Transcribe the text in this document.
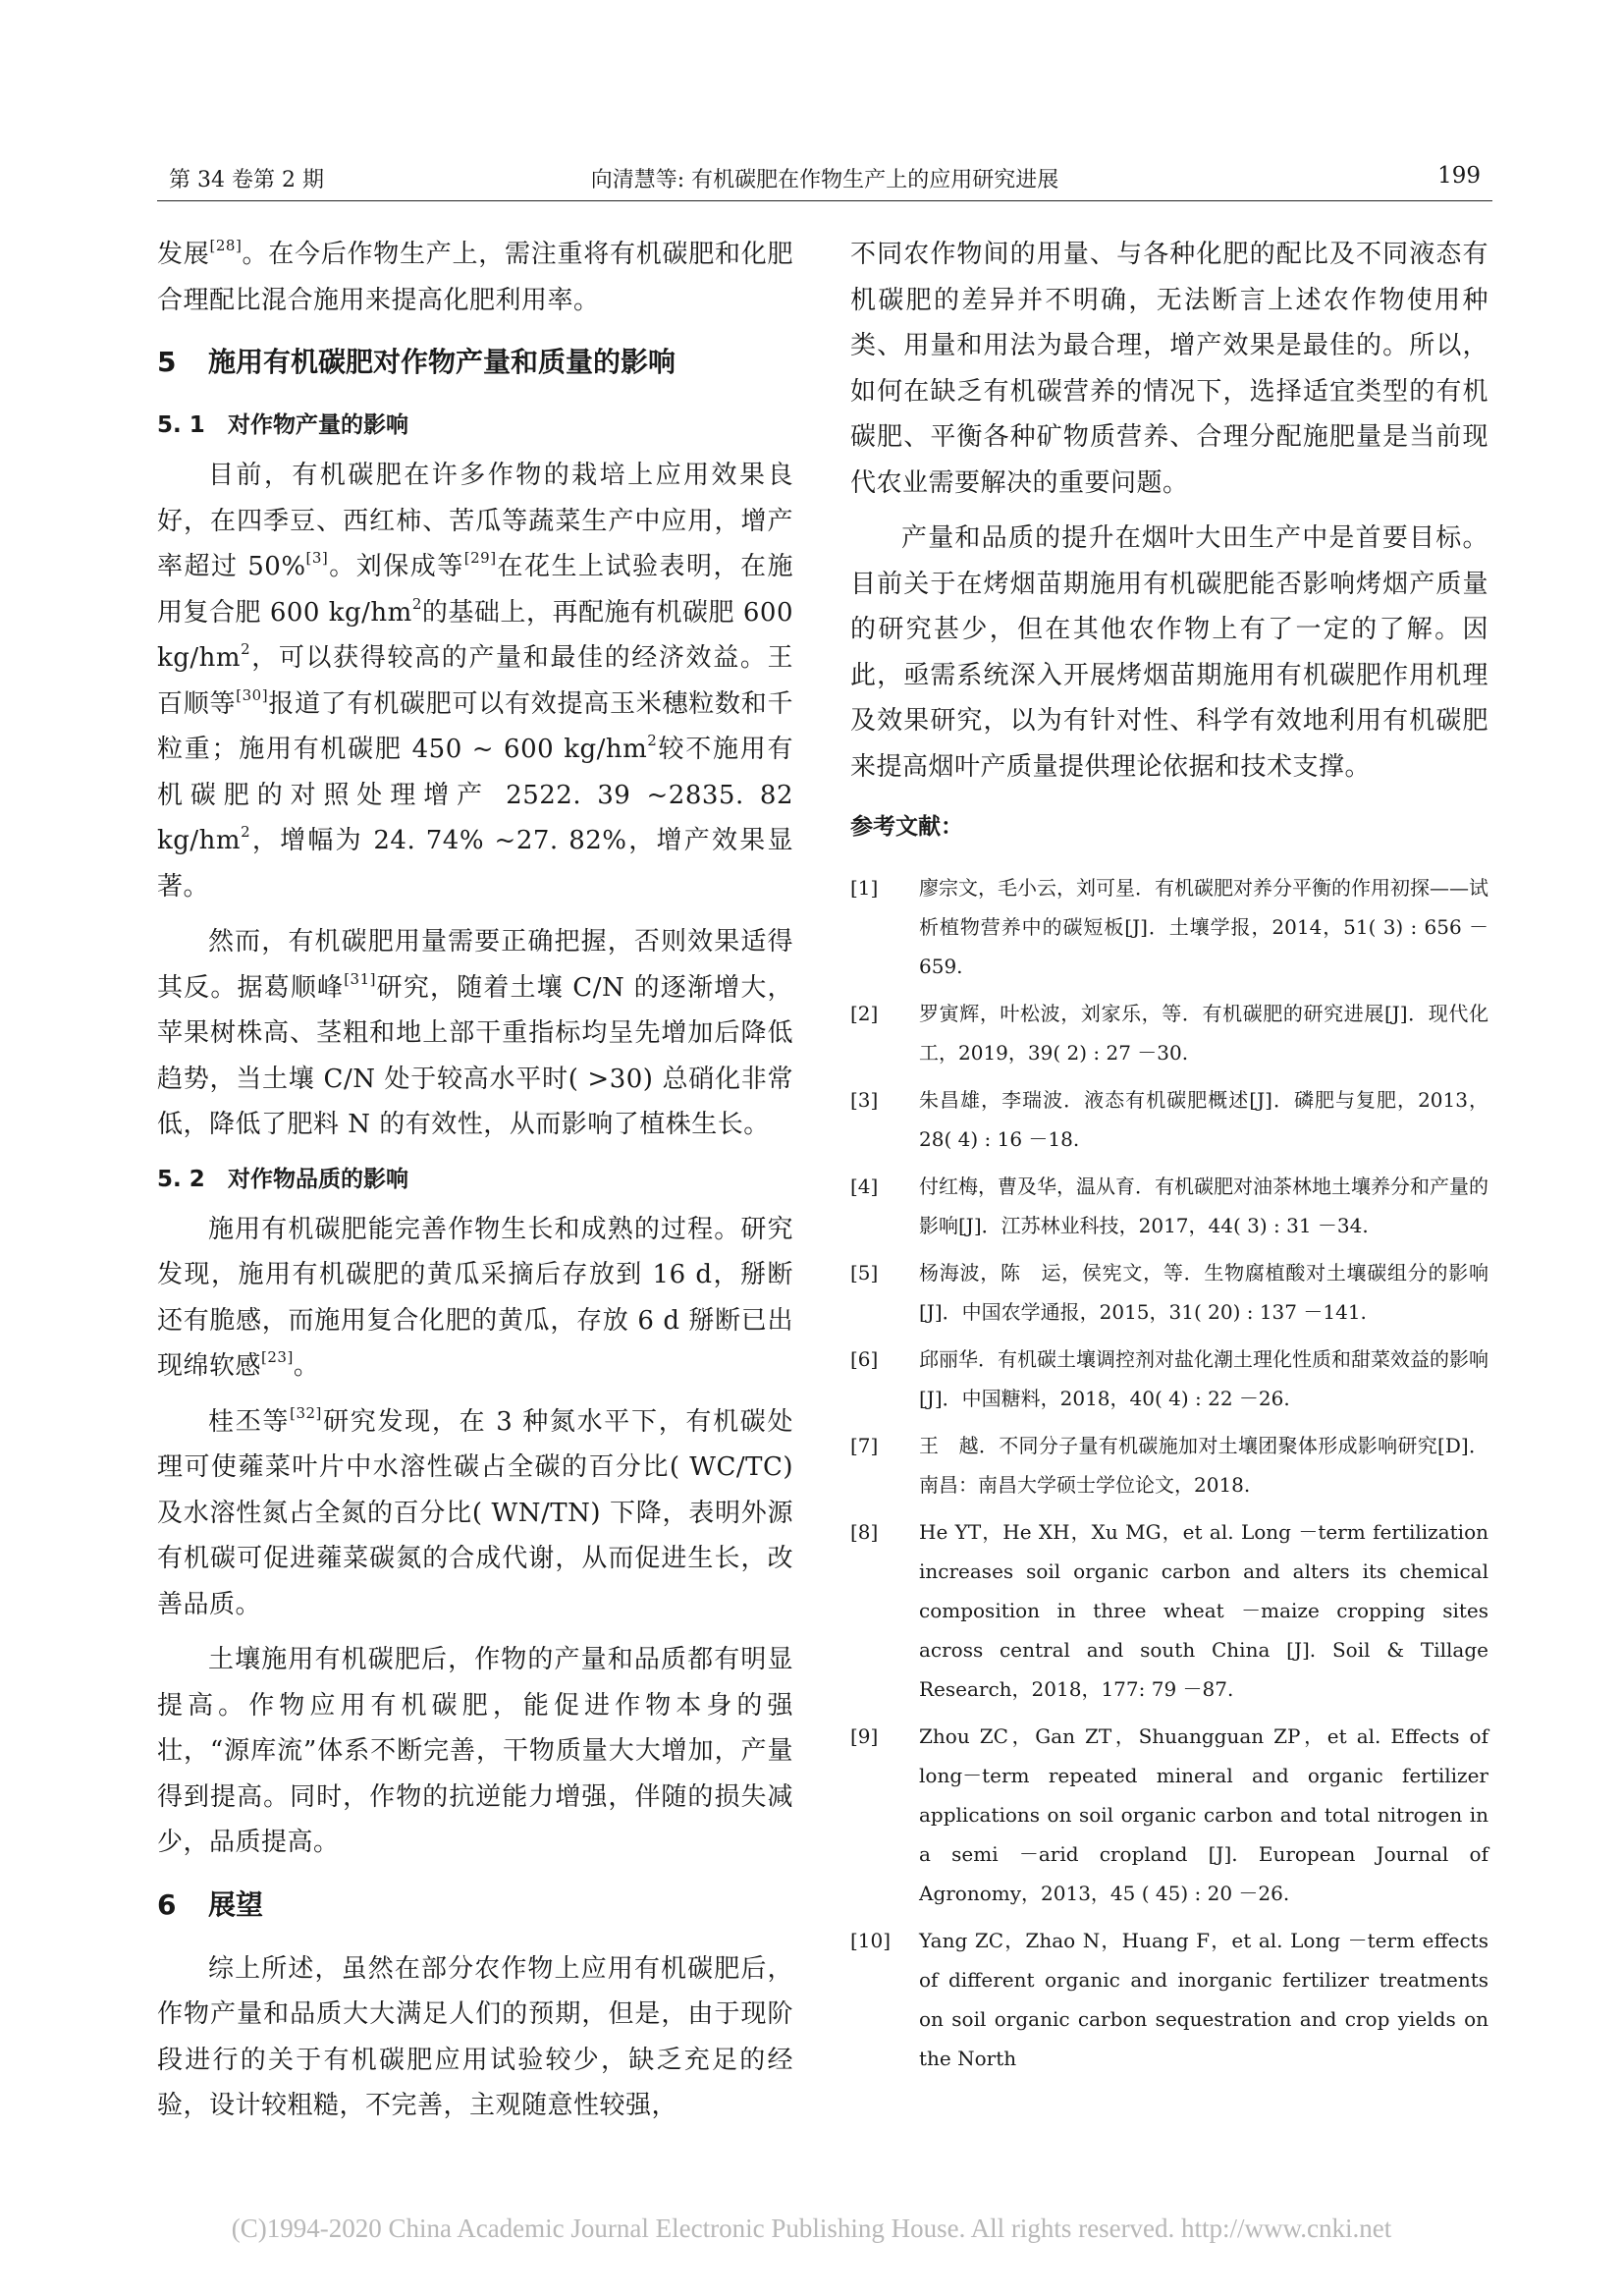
第 34 卷第 2 期	向清慧等: 有机碳肥在作物生产上的应用研究进展	199

发展[28]。在今后作物生产上，需注重将有机碳肥和化肥合理配比混合施用来提高化肥利用率。

5 施用有机碳肥对作物产量和质量的影响
5. 1 对作物产量的影响

目前，有机碳肥在许多作物的栽培上应用效果良好，在四季豆、西红柿、苦瓜等蔬菜生产中应用，增产率超过 50%[3]。刘保成等[29]在花生上试验表明，在施用复合肥 600 $kg/hm^2$的基础上，再配施有机碳肥 600 $kg/hm^2$，可以获得较高的产量和最佳的经济效益。王百顺等[30]报道了有机碳肥可以有效提高玉米穗粒数和千粒重；施用有机碳肥 450 ~ 600 $kg/hm^2$较不施用有机碳肥的对照处理增产 2522. 39 ~2835. 82 $kg/hm^2$，增幅为 24. 74% ~27. 82%，增产效果显著。

然而，有机碳肥用量需要正确把握，否则效果适得其反。据葛顺峰[31]研究，随着土壤 C/N 的逐渐增大，苹果树株高、茎粗和地上部干重指标均呈先增加后降低趋势，当土壤 C/N 处于较高水平时( >30) 总硝化非常低，降低了肥料 N 的有效性，从而影响了植株生长。

5. 2 对作物品质的影响

施用有机碳肥能完善作物生长和成熟的过程。研究发现，施用有机碳肥的黄瓜采摘后存放到 16 d，掰断还有脆感，而施用复合化肥的黄瓜，存放 6 d 掰断已出现绵软感[23]。

桂丕等[32]研究发现，在 3 种氮水平下，有机碳处理可使蕹菜叶片中水溶性碳占全碳的百分比( WC/TC) 及水溶性氮占全氮的百分比( WN/TN) 下降，表明外源有机碳可促进蕹菜碳氮的合成代谢，从而促进生长，改善品质。

土壤施用有机碳肥后，作物的产量和品质都有明显提高。作物应用有机碳肥，能促进作物本身的强壮，“源库流”体系不断完善，干物质量大大增加，产量得到提高。同时，作物的抗逆能力增强，伴随的损失减少，品质提高。

6 展望

综上所述，虽然在部分农作物上应用有机碳肥后，作物产量和品质大大满足人们的预期，但是，由于现阶段进行的关于有机碳肥应用试验较少，缺乏充足的经验，设计较粗糙，不完善，主观随意性较强，

不同农作物间的用量、与各种化肥的配比及不同液态有机碳肥的差异并不明确，无法断言上述农作物使用种类、用量和用法为最合理，增产效果是最佳的。所以，如何在缺乏有机碳营养的情况下，选择适宜类型的有机碳肥、平衡各种矿物质营养、合理分配施肥量是当前现代农业需要解决的重要问题。

产量和品质的提升在烟叶大田生产中是首要目标。目前关于在烤烟苗期施用有机碳肥能否影响烤烟产质量的研究甚少，但在其他农作物上有了一定的了解。因此，亟需系统深入开展烤烟苗期施用有机碳肥作用机理及效果研究，以为有针对性、科学有效地利用有机碳肥来提高烟叶产质量提供理论依据和技术支撑。

参考文献：
[1] 廖宗文，毛小云，刘可星．有机碳肥对养分平衡的作用初探——试析植物营养中的碳短板[J]．土壤学报，2014，51( 3) : 656 －659.
[2] 罗寅辉，叶松波，刘家乐，等．有机碳肥的研究进展[J]．现代化工，2019，39( 2) : 27 －30.
[3] 朱昌雄，李瑞波．液态有机碳肥概述[J]．磷肥与复肥，2013，28( 4) : 16 －18.
[4] 付红梅，曹及华，温从育．有机碳肥对油茶林地土壤养分和产量的影响[J]．江苏林业科技，2017，44( 3) : 31 －34.
[5] 杨海波，陈　运，侯宪文，等．生物腐植酸对土壤碳组分的影响[J]．中国农学通报，2015，31( 20) : 137 －141.
[6] 邱丽华．有机碳土壤调控剂对盐化潮土理化性质和甜菜效益的影响[J]．中国糖料，2018，40( 4) : 22 －26.
[7] 王　越．不同分子量有机碳施加对土壤团聚体形成影响研究[D]．南昌：南昌大学硕士学位论文，2018.
[8] He YT，He XH，Xu MG，et al. Long －term fertilization increases soil organic carbon and alters its chemical composition in three wheat －maize cropping sites across central and south China [J]. Soil & Tillage Research，2018，177: 79 －87.
[9] Zhou ZC，Gan ZT，Shuangguan ZP，et al. Effects of long－term repeated mineral and organic fertilizer applications on soil organic carbon and total nitrogen in a semi －arid cropland [J]. European Journal of Agronomy，2013，45 ( 45) : 20 －26.
[10] Yang ZC，Zhao N，Huang F，et al. Long －term effects of different organic and inorganic fertilizer treatments on soil organic carbon sequestration and crop yields on the North
(C)1994-2020 China Academic Journal Electronic Publishing House. All rights reserved. http://www.cnki.net
